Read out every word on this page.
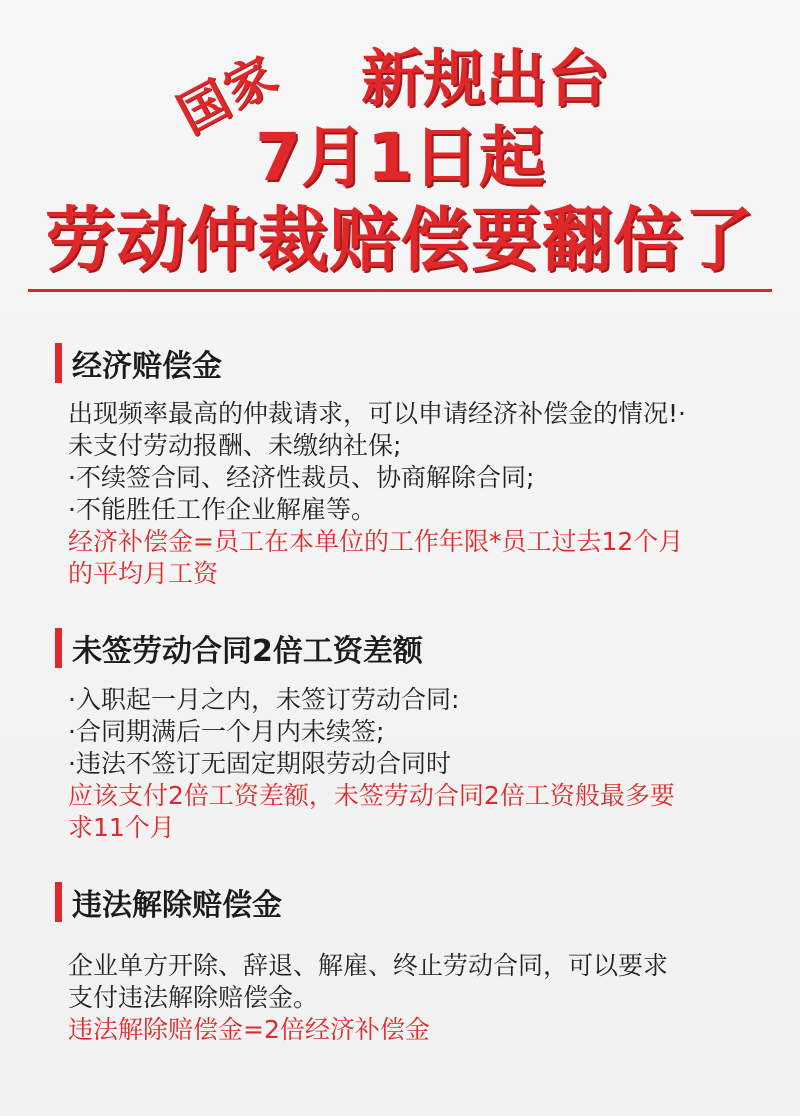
国家	新规出台
7月1日起
劳动仲裁赔偿要翻倍了
经济赔偿金
出现频率最高的仲裁请求，可以申请经济补偿金的情况!·
未支付劳动报酬、未缴纳社保;
·不续签合同、经济性裁员、协商解除合同;
·不能胜任工作企业解雇等。
经济补偿金=员工在本单位的工作年限*员工过去12个月
的平均月工资
未签劳动合同2倍工资差额
·入职起一月之内，未签订劳动合同:
·合同期满后一个月内未续签;
·违法不签订无固定期限劳动合同时
应该支付2倍工资差额，未签劳动合同2倍工资般最多要
求11个月
违法解除赔偿金
企业单方开除、辞退、解雇、终止劳动合同，可以要求
支付违法解除赔偿金。
违法解除赔偿金=2倍经济补偿金
